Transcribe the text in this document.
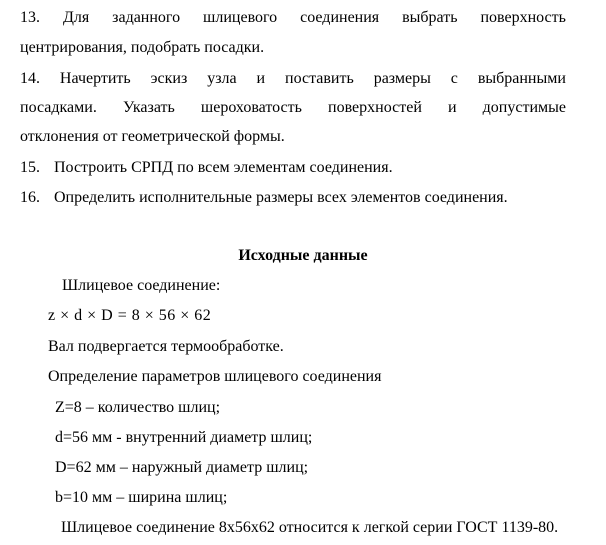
13. Для заданного шлицевого соединения выбрать поверхность
центрирования, подобрать посадки.
14. Начертить эскиз узла и поставить размеры с выбранными
посадками. Указать шероховатость поверхностей и допустимые
отклонения от геометрической формы.
15. Построить СРПД по всем элементам соединения.
16. Определить исполнительные размеры всех элементов соединения.
Исходные данные
Шлицевое соединение:
z × d × D = 8 × 56 × 62
Вал подвергается термообработке.
Определение параметров шлицевого соединения
Z=8 – количество шлиц;
d=56 мм - внутренний диаметр шлиц;
D=62 мм – наружный диаметр шлиц;
b=10 мм – ширина шлиц;
Шлицевое соединение 8х56х62 относится к легкой серии ГОСТ 1139-80.
